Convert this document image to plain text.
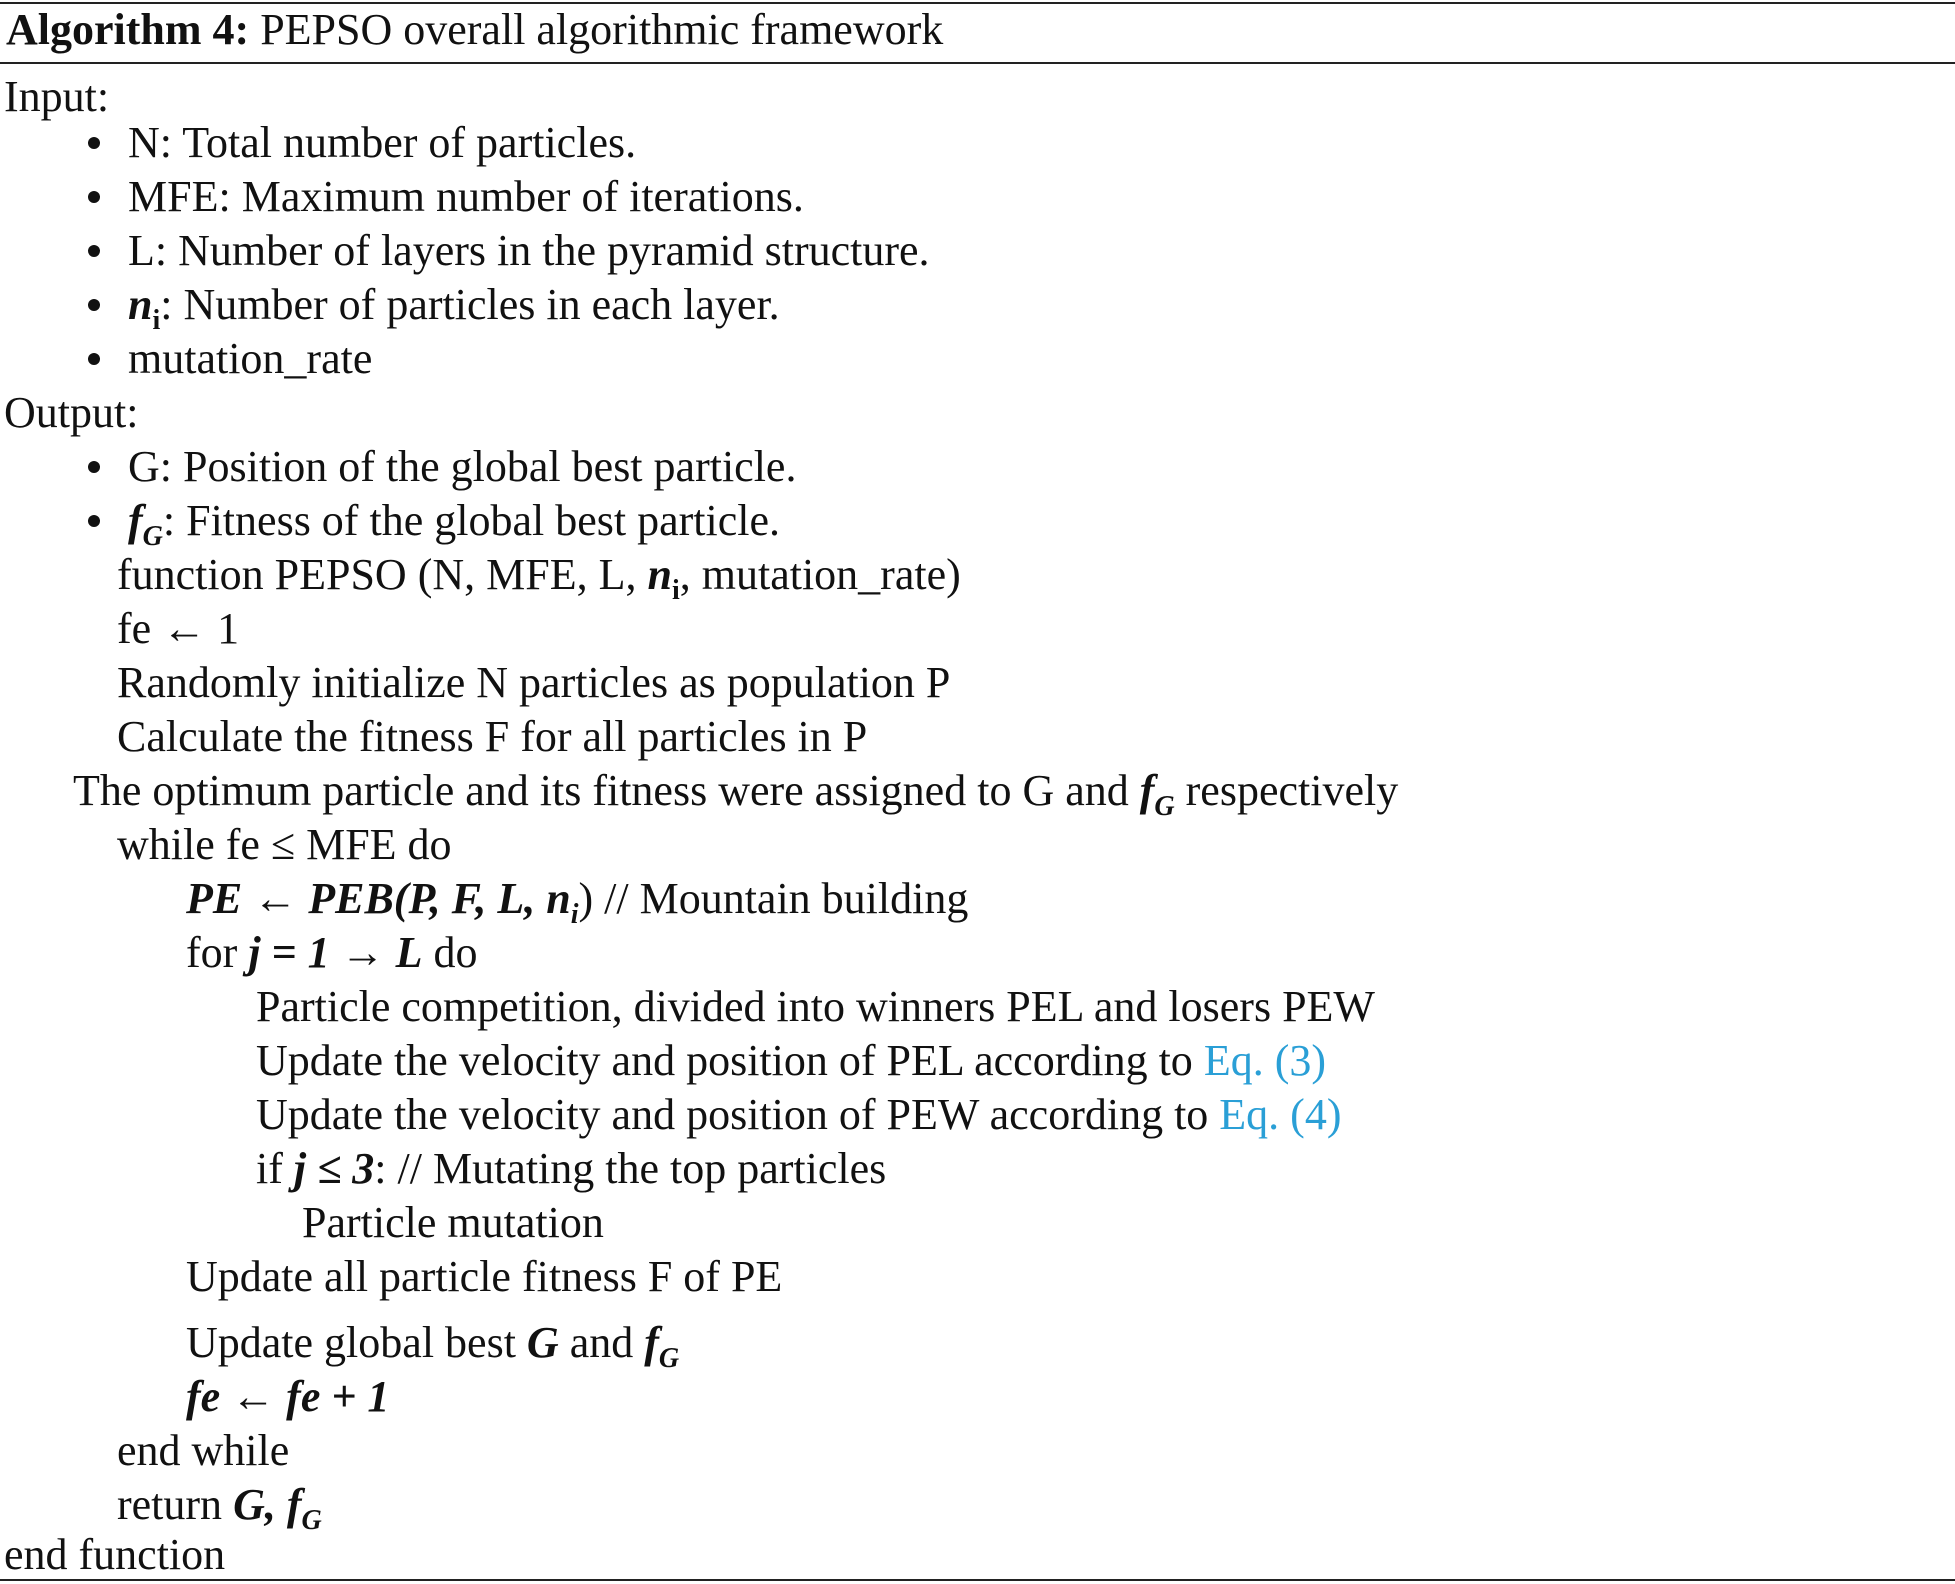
Algorithm 4: PEPSO overall algorithmic framework
Input:
N: Total number of particles.
MFE: Maximum number of iterations.
L: Number of layers in the pyramid structure.
$n_i$: Number of particles in each layer.
mutation_rate
Output:
G: Position of the global best particle.
$f_G$: Fitness of the global best particle.
function PEPSO (N, MFE, L, $n_i$, mutation_rate)
fe ← 1
Randomly initialize N particles as population P
Calculate the fitness F for all particles in P
The optimum particle and its fitness were assigned to G and $f_G$ respectively
while fe ≤ MFE do
PE ← PEB(P, F, L, $n_i$) // Mountain building
for j = 1 → L do
Particle competition, divided into winners PEL and losers PEW
Update the velocity and position of PEL according to Eq. (3)
Update the velocity and position of PEW according to Eq. (4)
if j ≤ 3: // Mutating the top particles
Particle mutation
Update all particle fitness F of PE
Update global best G and $f_G$
fe ← fe + 1
end while
return G, $f_G$
end function
